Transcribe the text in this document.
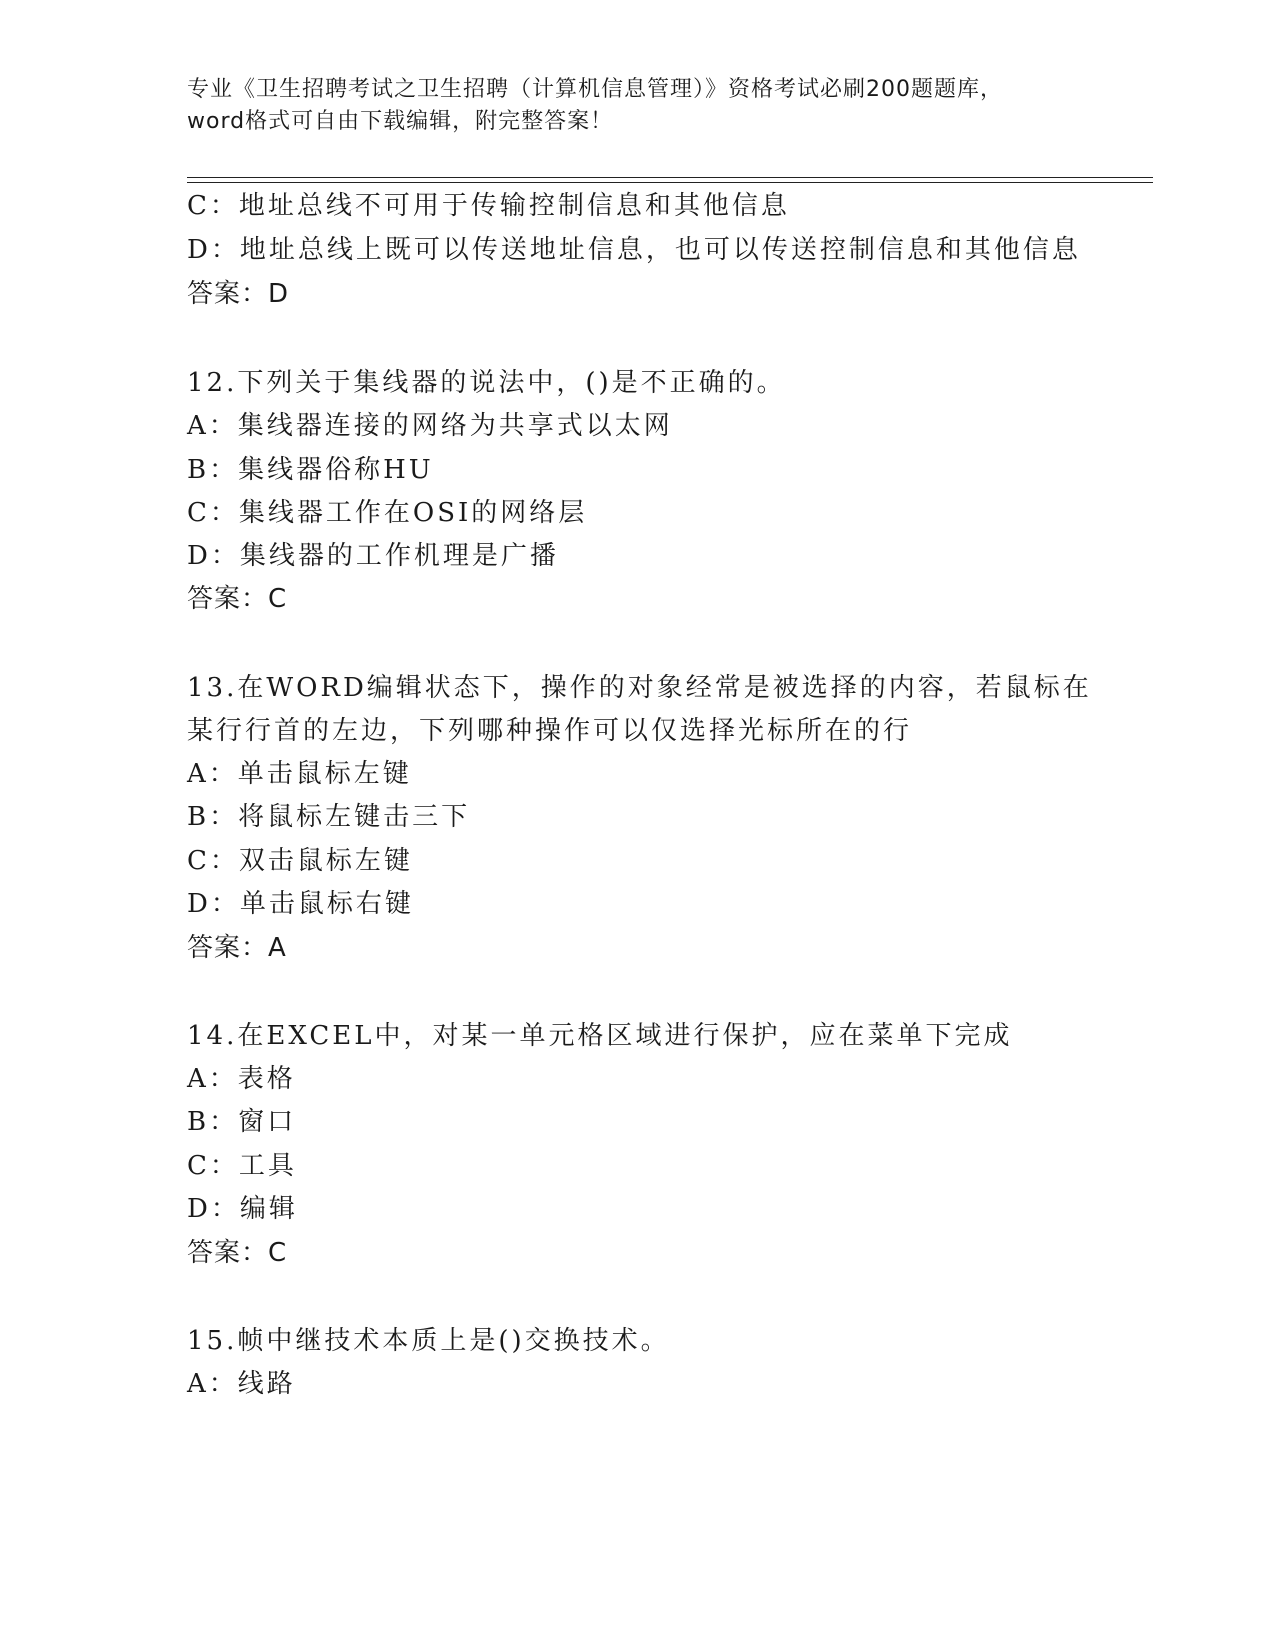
专业《卫生招聘考试之卫生招聘（计算机信息管理）》资格考试必刷200题题库，
word格式可自由下载编辑，附完整答案！
C：地址总线不可用于传输控制信息和其他信息
D：地址总线上既可以传送地址信息，也可以传送控制信息和其他信息
答案：D
12.下列关于集线器的说法中，()是不正确的。
A：集线器连接的网络为共享式以太网
B：集线器俗称HU
C：集线器工作在OSI的网络层
D：集线器的工作机理是广播
答案：C
13.在WORD编辑状态下，操作的对象经常是被选择的内容，若鼠标在
某行行首的左边，下列哪种操作可以仅选择光标所在的行
A：单击鼠标左键
B：将鼠标左键击三下
C：双击鼠标左键
D：单击鼠标右键
答案：A
14.在EXCEL中，对某一单元格区域进行保护，应在菜单下完成
A：表格
B：窗口
C：工具
D：编辑
答案：C
15.帧中继技术本质上是()交换技术。
A：线路
